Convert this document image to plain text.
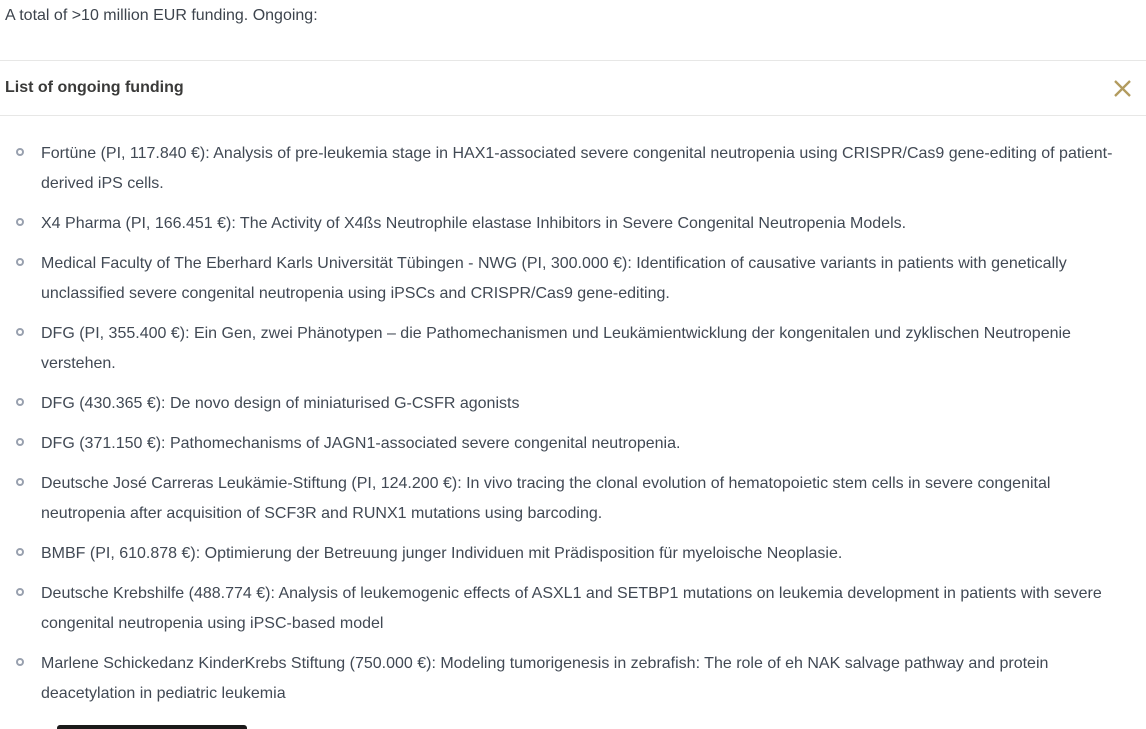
A total of >10 million EUR funding. Ongoing:
List of ongoing funding
Fortüne (PI, 117.840 €): Analysis of pre-leukemia stage in HAX1-associated severe congenital neutropenia using CRISPR/Cas9 gene-editing of patient-derived iPS cells.
X4 Pharma (PI, 166.451 €): The Activity of X4ßs Neutrophile elastase Inhibitors in Severe Congenital Neutropenia Models.
Medical Faculty of The Eberhard Karls Universität Tübingen - NWG (PI, 300.000 €): Identification of causative variants in patients with genetically unclassified severe congenital neutropenia using iPSCs and CRISPR/Cas9 gene-editing.
DFG (PI, 355.400 €): Ein Gen, zwei Phänotypen – die Pathomechanismen und Leukämientwicklung der kongenitalen und zyklischen Neutropenie verstehen.
DFG (430.365 €): De novo design of miniaturised G-CSFR agonists
DFG (371.150 €): Pathomechanisms of JAGN1-associated severe congenital neutropenia.
Deutsche José Carreras Leukämie-Stiftung (PI, 124.200 €): In vivo tracing the clonal evolution of hematopoietic stem cells in severe congenital neutropenia after acquisition of SCF3R and RUNX1 mutations using barcoding.
BMBF (PI, 610.878 €): Optimierung der Betreuung junger Individuen mit Prädisposition für myeloische Neoplasie.
Deutsche Krebshilfe (488.774 €): Analysis of leukemogenic effects of ASXL1 and SETBP1 mutations on leukemia development in patients with severe congenital neutropenia using iPSC-based model
Marlene Schickedanz KinderKrebs Stiftung (750.000 €): Modeling tumorigenesis in zebrafish: The role of eh NAK salvage pathway and protein deacetylation in pediatric leukemia
